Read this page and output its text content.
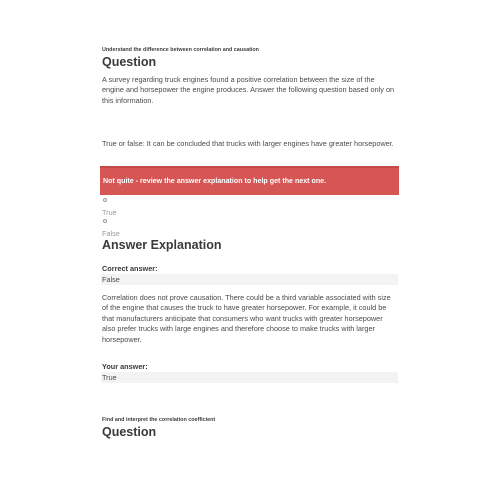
Understand the difference between correlation and causation
Question
A survey regarding truck engines found a positive correlation between the size of the engine and horsepower the engine produces. Answer the following question based only on this information.
True or false: It can be concluded that trucks with larger engines have greater horsepower.
Not quite - review the answer explanation to help get the next one.
True
False
Answer Explanation
Correct answer:
False
Correlation does not prove causation. There could be a third variable associated with size of the engine that causes the truck to have greater horsepower. For example, it could be that manufacturers anticipate that consumers who want trucks with greater horsepower also prefer trucks with large engines and therefore choose to make trucks with larger horsepower.
Your answer:
True
Find and interpret the correlation coefficient
Question
